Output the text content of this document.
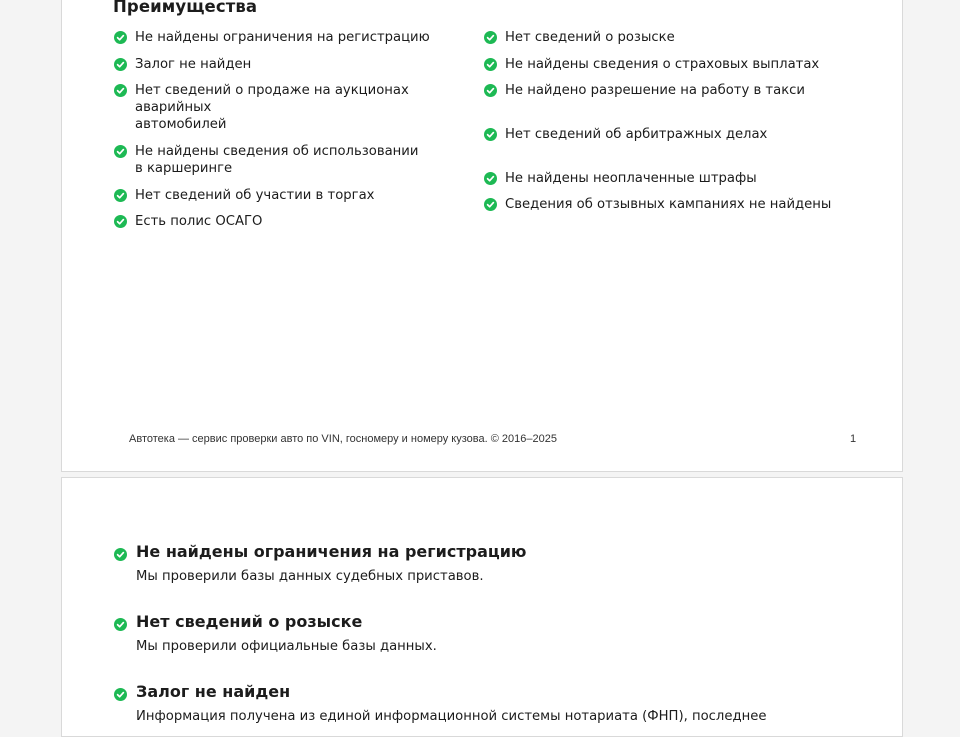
Преимущества
Не найдены ограничения на регистрацию
Залог не найден
Нет сведений о продаже на аукционах аварийных
автомобилей
Не найдены сведения об использовании
в каршеринге
Нет сведений об участии в торгах
Есть полис ОСАГО
Нет сведений о розыске
Не найдены сведения о страховых выплатах
Не найдено разрешение на работу в такси
Нет сведений об арбитражных делах
Не найдены неоплаченные штрафы
Сведения об отзывных кампаниях не найдены
Автотека — сервис проверки авто по VIN, госномеру и номеру кузова. © 2016–2025	1
Не найдены ограничения на регистрацию
Мы проверили базы данных судебных приставов.
Нет сведений о розыске
Мы проверили официальные базы данных.
Залог не найден
Информация получена из единой информационной системы нотариата (ФНП), последнее
